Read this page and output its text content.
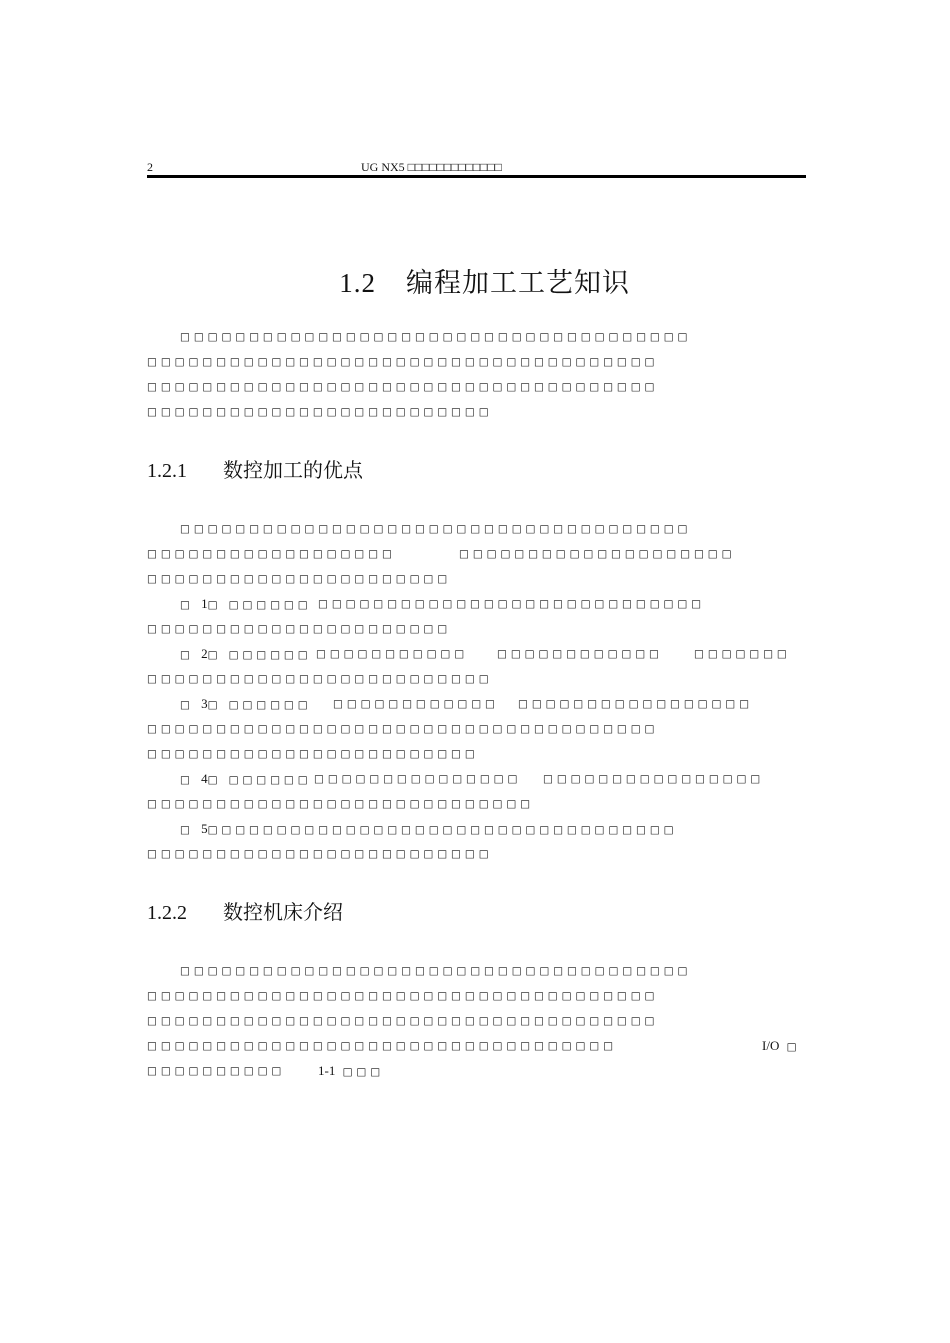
2	UG NX5 □□□□□□□□□□□□□

1.2 编程加工工艺知识

□□□□□□□□□□□□□□□□□□□□□□□□□□□□□□□□□□□□□
□□□□□□□□□□□□□□□□□□□□□□□□□□□□□□□□□□□□□
□□□□□□□□□□□□□□□□□□□□□□□□□□□□□□□□□□□□□
□□□□□□□□□□□□□□□□□□□□□□□□□
1.2.1 数控加工的优点
□□□□□□□□□□□□□□□□□□□□□□□□□□□□□□□□□□□□□
□□□□□□□□□□□□□□□□□□	□□□□□□□□□□□□□□□□□□□□
□□□□□□□□□□□□□□□□□□□□□□
□ 1□ □□□□□□ □□□□□□□□□□□□□□□□□□□□□□□□□□□□
□□□□□□□□□□□□□□□□□□□□□□
□ 2□ □□□□□□ □□□□□□□□□□□	□□□□□□□□□□□□	□□□□□□□
□□□□□□□□□□□□□□□□□□□□□□□□□
□ 3□ □□□□□□ □□□□□□□□□□□□ □□□□□□□□□□□□□□□□□
□□□□□□□□□□□□□□□□□□□□□□□□□□□□□□□□□□□□□
□□□□□□□□□□□□□□□□□□□□□□□□
□ 4□ □□□□□□ □□□□□□□□□□□□□□□ □□□□□□□□□□□□□□□□
□□□□□□□□□□□□□□□□□□□□□□□□□□□□
□ 5□□□□□□□□□□□□□□□□□□□□□□□□□□□□□□□□□□
□□□□□□□□□□□□□□□□□□□□□□□□□
1.2.2 数控机床介绍
□□□□□□□□□□□□□□□□□□□□□□□□□□□□□□□□□□□□□
□□□□□□□□□□□□□□□□□□□□□□□□□□□□□□□□□□□□□
□□□□□□□□□□□□□□□□□□□□□□□□□□□□□□□□□□□□□
□□□□□□□□□□□□□□□□□□□□□□□□□□□□□□□□□□	I/O □
□□□□□□□□□□	1-1 □□□
